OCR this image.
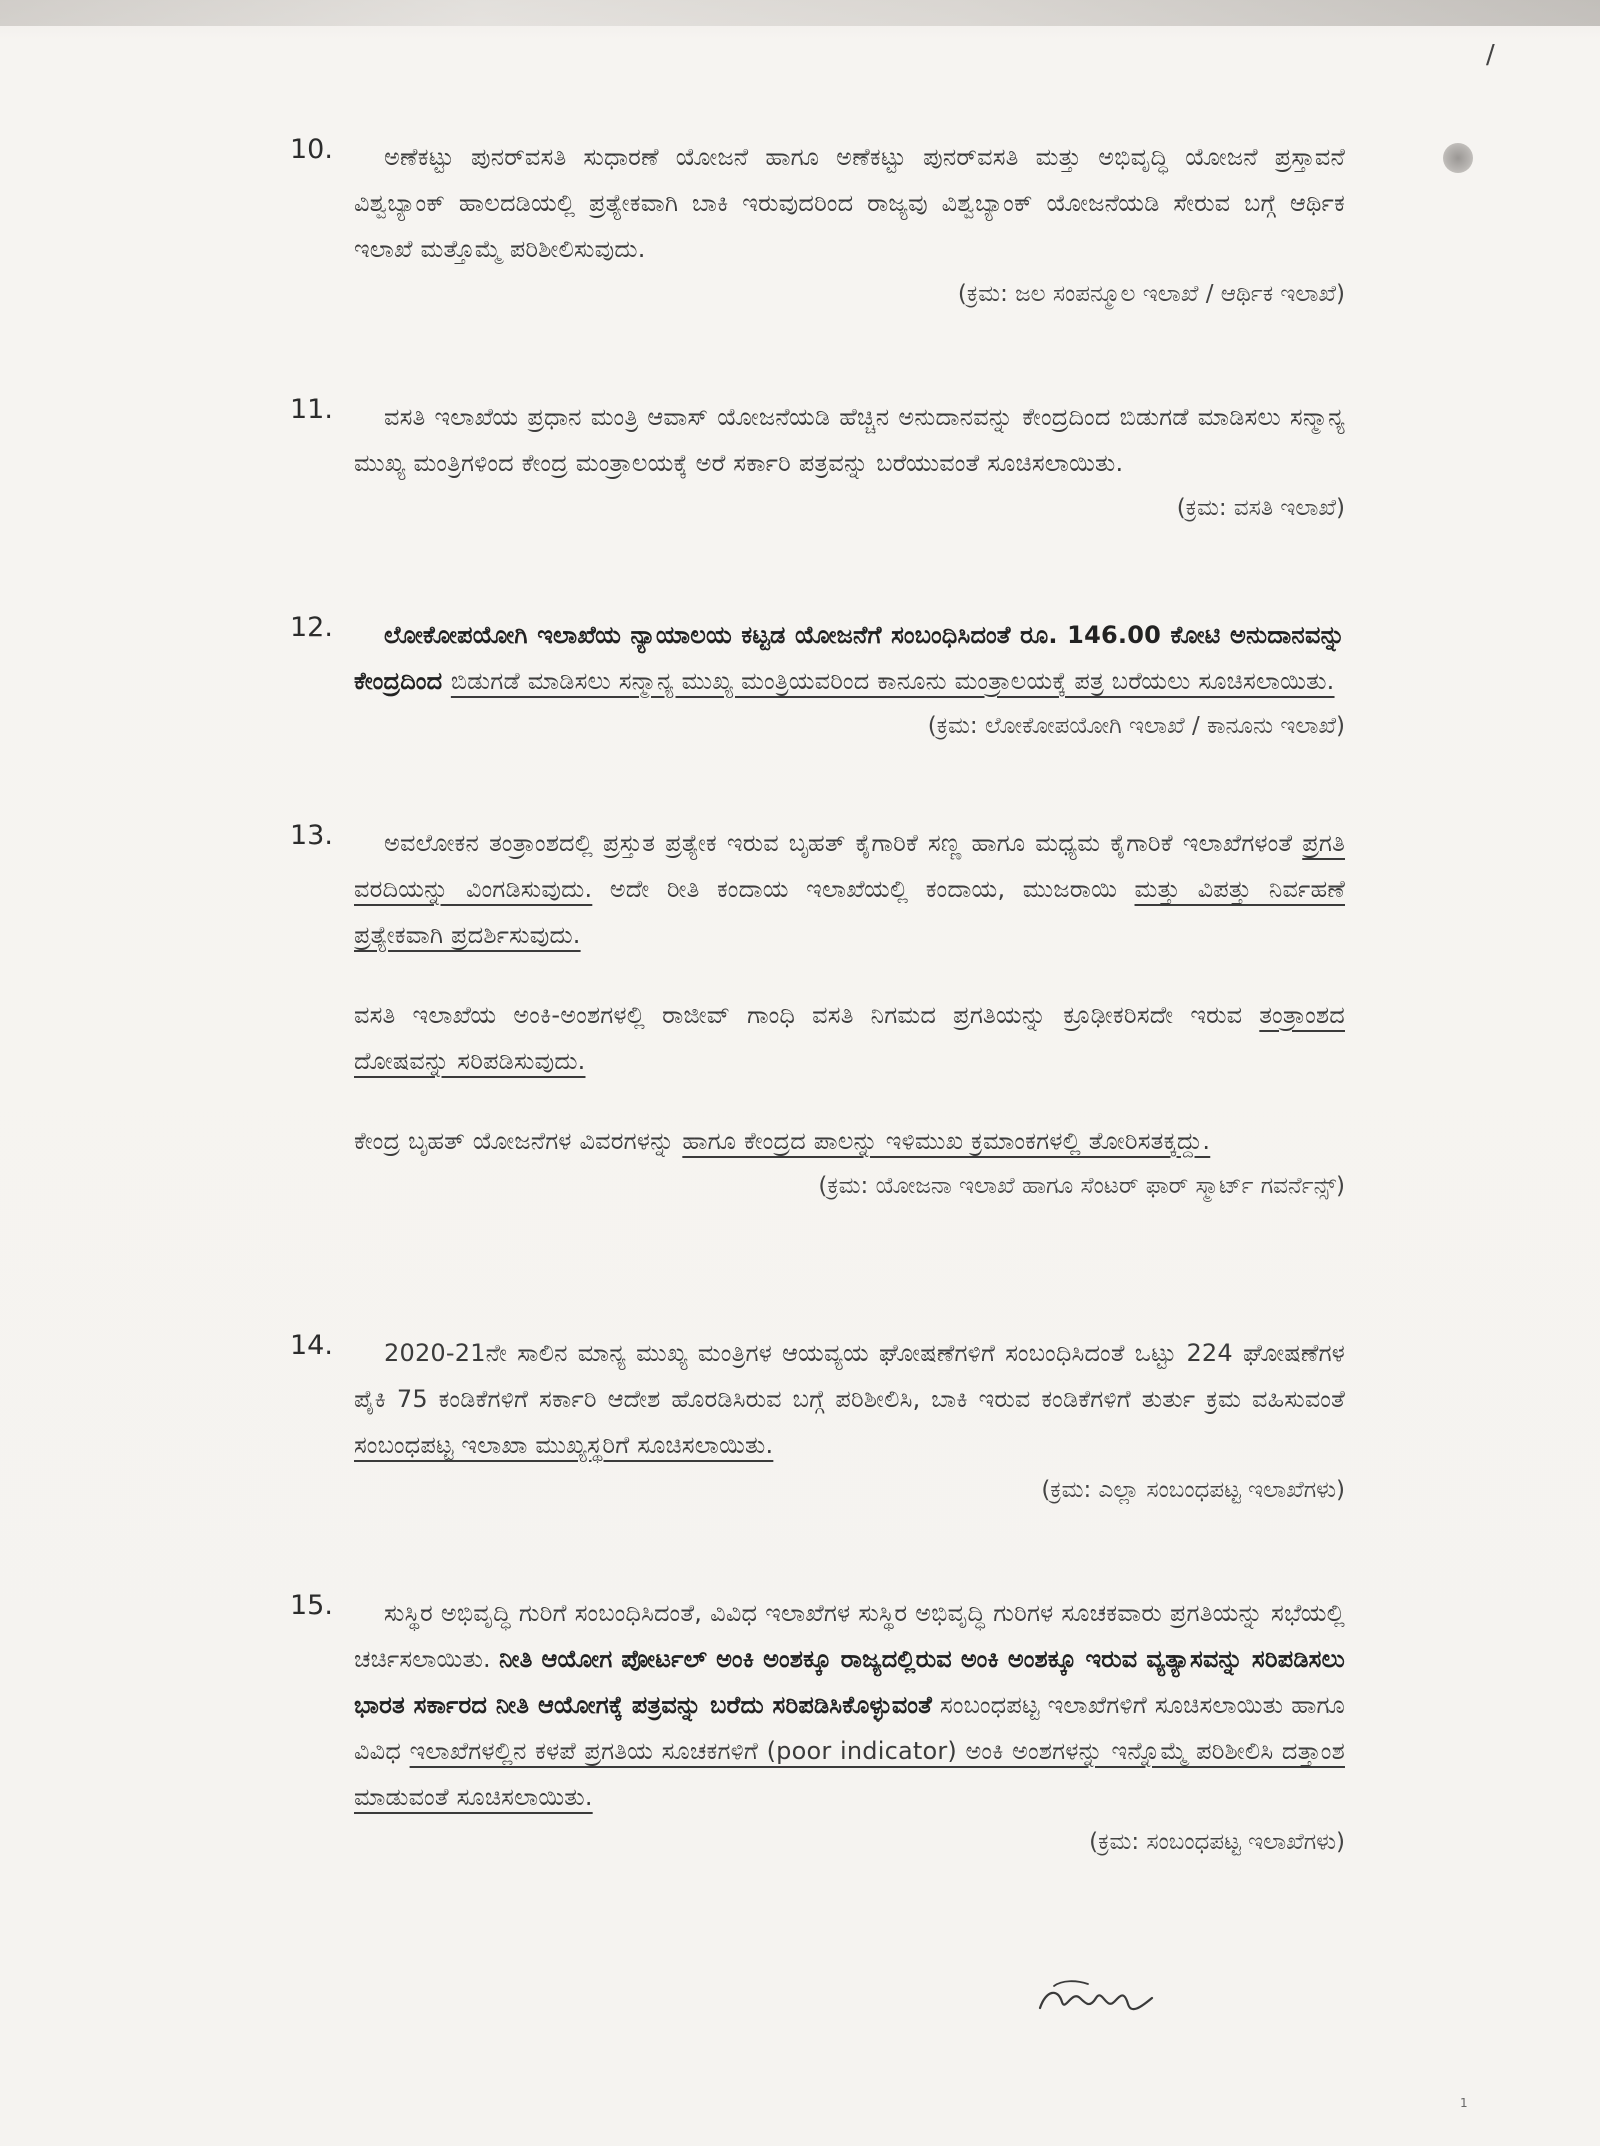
/
10.	ಅಣೆಕಟ್ಟು ಪುನರ್‌ವಸತಿ ಸುಧಾರಣೆ ಯೋಜನೆ ಹಾಗೂ ಅಣೆಕಟ್ಟು ಪುನರ್‌ವಸತಿ ಮತ್ತು ಅಭಿವೃದ್ಧಿ ಯೋಜನೆ ಪ್ರಸ್ತಾವನೆ ವಿಶ್ವಬ್ಯಾಂಕ್ ಹಾಲದಡಿಯಲ್ಲಿ ಪ್ರತ್ಯೇಕವಾಗಿ ಬಾಕಿ ಇರುವುದರಿಂದ ರಾಜ್ಯವು ವಿಶ್ವಬ್ಯಾಂಕ್ ಯೋಜನೆಯಡಿ ಸೇರುವ ಬಗ್ಗೆ ಆರ್ಥಿಕ ಇಲಾಖೆ ಮತ್ತೊಮ್ಮೆ ಪರಿಶೀಲಿಸುವುದು.
(ಕ್ರಮ: ಜಲ ಸಂಪನ್ಮೂಲ ಇಲಾಖೆ / ಆರ್ಥಿಕ ಇಲಾಖೆ)
11.	ವಸತಿ ಇಲಾಖೆಯ ಪ್ರಧಾನ ಮಂತ್ರಿ ಆವಾಸ್ ಯೋಜನೆಯಡಿ ಹೆಚ್ಚಿನ ಅನುದಾನವನ್ನು ಕೇಂದ್ರದಿಂದ ಬಿಡುಗಡೆ ಮಾಡಿಸಲು ಸನ್ಮಾನ್ಯ ಮುಖ್ಯ ಮಂತ್ರಿಗಳಿಂದ ಕೇಂದ್ರ ಮಂತ್ರಾಲಯಕ್ಕೆ ಅರೆ ಸರ್ಕಾರಿ ಪತ್ರವನ್ನು ಬರೆಯುವಂತೆ ಸೂಚಿಸಲಾಯಿತು.
(ಕ್ರಮ: ವಸತಿ ಇಲಾಖೆ)
12.	ಲೋಕೋಪಯೋಗಿ ಇಲಾಖೆಯ ನ್ಯಾಯಾಲಯ ಕಟ್ಟಡ ಯೋಜನೆಗೆ ಸಂಬಂಧಿಸಿದಂತೆ ರೂ. 146.00 ಕೋಟಿ ಅನುದಾನವನ್ನು ಕೇಂದ್ರದಿಂದ ಬಿಡುಗಡೆ ಮಾಡಿಸಲು ಸನ್ಮಾನ್ಯ ಮುಖ್ಯ ಮಂತ್ರಿಯವರಿಂದ ಕಾನೂನು ಮಂತ್ರಾಲಯಕ್ಕೆ ಪತ್ರ ಬರೆಯಲು ಸೂಚಿಸಲಾಯಿತು.
(ಕ್ರಮ: ಲೋಕೋಪಯೋಗಿ ಇಲಾಖೆ / ಕಾನೂನು ಇಲಾಖೆ)
13.	ಅವಲೋಕನ ತಂತ್ರಾಂಶದಲ್ಲಿ ಪ್ರಸ್ತುತ ಪ್ರತ್ಯೇಕ ಇರುವ ಬೃಹತ್ ಕೈಗಾರಿಕೆ ಸಣ್ಣ ಹಾಗೂ ಮಧ್ಯಮ ಕೈಗಾರಿಕೆ ಇಲಾಖೆಗಳಂತೆ ಪ್ರಗತಿ ವರದಿಯನ್ನು ವಿಂಗಡಿಸುವುದು. ಅದೇ ರೀತಿ ಕಂದಾಯ ಇಲಾಖೆಯಲ್ಲಿ ಕಂದಾಯ, ಮುಜರಾಯಿ ಮತ್ತು ವಿಪತ್ತು ನಿರ್ವಹಣೆ ಪ್ರತ್ಯೇಕವಾಗಿ ಪ್ರದರ್ಶಿಸುವುದು.
ವಸತಿ ಇಲಾಖೆಯ ಅಂಕಿ-ಅಂಶಗಳಲ್ಲಿ ರಾಜೀವ್ ಗಾಂಧಿ ವಸತಿ ನಿಗಮದ ಪ್ರಗತಿಯನ್ನು ಕ್ರೂಢೀಕರಿಸದೇ ಇರುವ ತಂತ್ರಾಂಶದ ದೋಷವನ್ನು ಸರಿಪಡಿಸುವುದು.
ಕೇಂದ್ರ ಬೃಹತ್ ಯೋಜನೆಗಳ ವಿವರಗಳನ್ನು ಹಾಗೂ ಕೇಂದ್ರದ ಪಾಲನ್ನು ಇಳಿಮುಖ ಕ್ರಮಾಂಕಗಳಲ್ಲಿ ತೋರಿಸತಕ್ಕದ್ದು.
(ಕ್ರಮ: ಯೋಜನಾ ಇಲಾಖೆ ಹಾಗೂ ಸೆಂಟರ್ ಫಾರ್ ಸ್ಮಾರ್ಟ್ ಗವರ್ನೆನ್ಸ್)
14.	2020-21ನೇ ಸಾಲಿನ ಮಾನ್ಯ ಮುಖ್ಯ ಮಂತ್ರಿಗಳ ಆಯವ್ಯಯ ಘೋಷಣೆಗಳಿಗೆ ಸಂಬಂಧಿಸಿದಂತೆ ಒಟ್ಟು 224 ಘೋಷಣೆಗಳ ಪೈಕಿ 75 ಕಂಡಿಕೆಗಳಿಗೆ ಸರ್ಕಾರಿ ಆದೇಶ ಹೊರಡಿಸಿರುವ ಬಗ್ಗೆ ಪರಿಶೀಲಿಸಿ, ಬಾಕಿ ಇರುವ ಕಂಡಿಕೆಗಳಿಗೆ ತುರ್ತು ಕ್ರಮ ವಹಿಸುವಂತೆ ಸಂಬಂಧಪಟ್ಟ ಇಲಾಖಾ ಮುಖ್ಯಸ್ಥರಿಗೆ ಸೂಚಿಸಲಾಯಿತು.
(ಕ್ರಮ: ಎಲ್ಲಾ ಸಂಬಂಧಪಟ್ಟ ಇಲಾಖೆಗಳು)
15.	ಸುಸ್ಥಿರ ಅಭಿವೃದ್ಧಿ ಗುರಿಗೆ ಸಂಬಂಧಿಸಿದಂತೆ, ವಿವಿಧ ಇಲಾಖೆಗಳ ಸುಸ್ಥಿರ ಅಭಿವೃದ್ಧಿ ಗುರಿಗಳ ಸೂಚಕವಾರು ಪ್ರಗತಿಯನ್ನು ಸಭೆಯಲ್ಲಿ ಚರ್ಚಿಸಲಾಯಿತು. ನೀತಿ ಆಯೋಗ ಪೋರ್ಟಲ್ ಅಂಕಿ ಅಂಶಕ್ಕೂ ರಾಜ್ಯದಲ್ಲಿರುವ ಅಂಕಿ ಅಂಶಕ್ಕೂ ಇರುವ ವ್ಯತ್ಯಾಸವನ್ನು ಸರಿಪಡಿಸಲು ಭಾರತ ಸರ್ಕಾರದ ನೀತಿ ಆಯೋಗಕ್ಕೆ ಪತ್ರವನ್ನು ಬರೆದು ಸರಿಪಡಿಸಿಕೊಳ್ಳುವಂತೆ ಸಂಬಂಧಪಟ್ಟ ಇಲಾಖೆಗಳಿಗೆ ಸೂಚಿಸಲಾಯಿತು ಹಾಗೂ ವಿವಿಧ ಇಲಾಖೆಗಳಲ್ಲಿನ ಕಳಪೆ ಪ್ರಗತಿಯ ಸೂಚಕಗಳಿಗೆ (poor indicator) ಅಂಕಿ ಅಂಶಗಳನ್ನು ಇನ್ನೊಮ್ಮೆ ಪರಿಶೀಲಿಸಿ ದತ್ತಾಂಶ ಮಾಡುವಂತೆ ಸೂಚಿಸಲಾಯಿತು.
(ಕ್ರಮ: ಸಂಬಂಧಪಟ್ಟ ಇಲಾಖೆಗಳು)
1
